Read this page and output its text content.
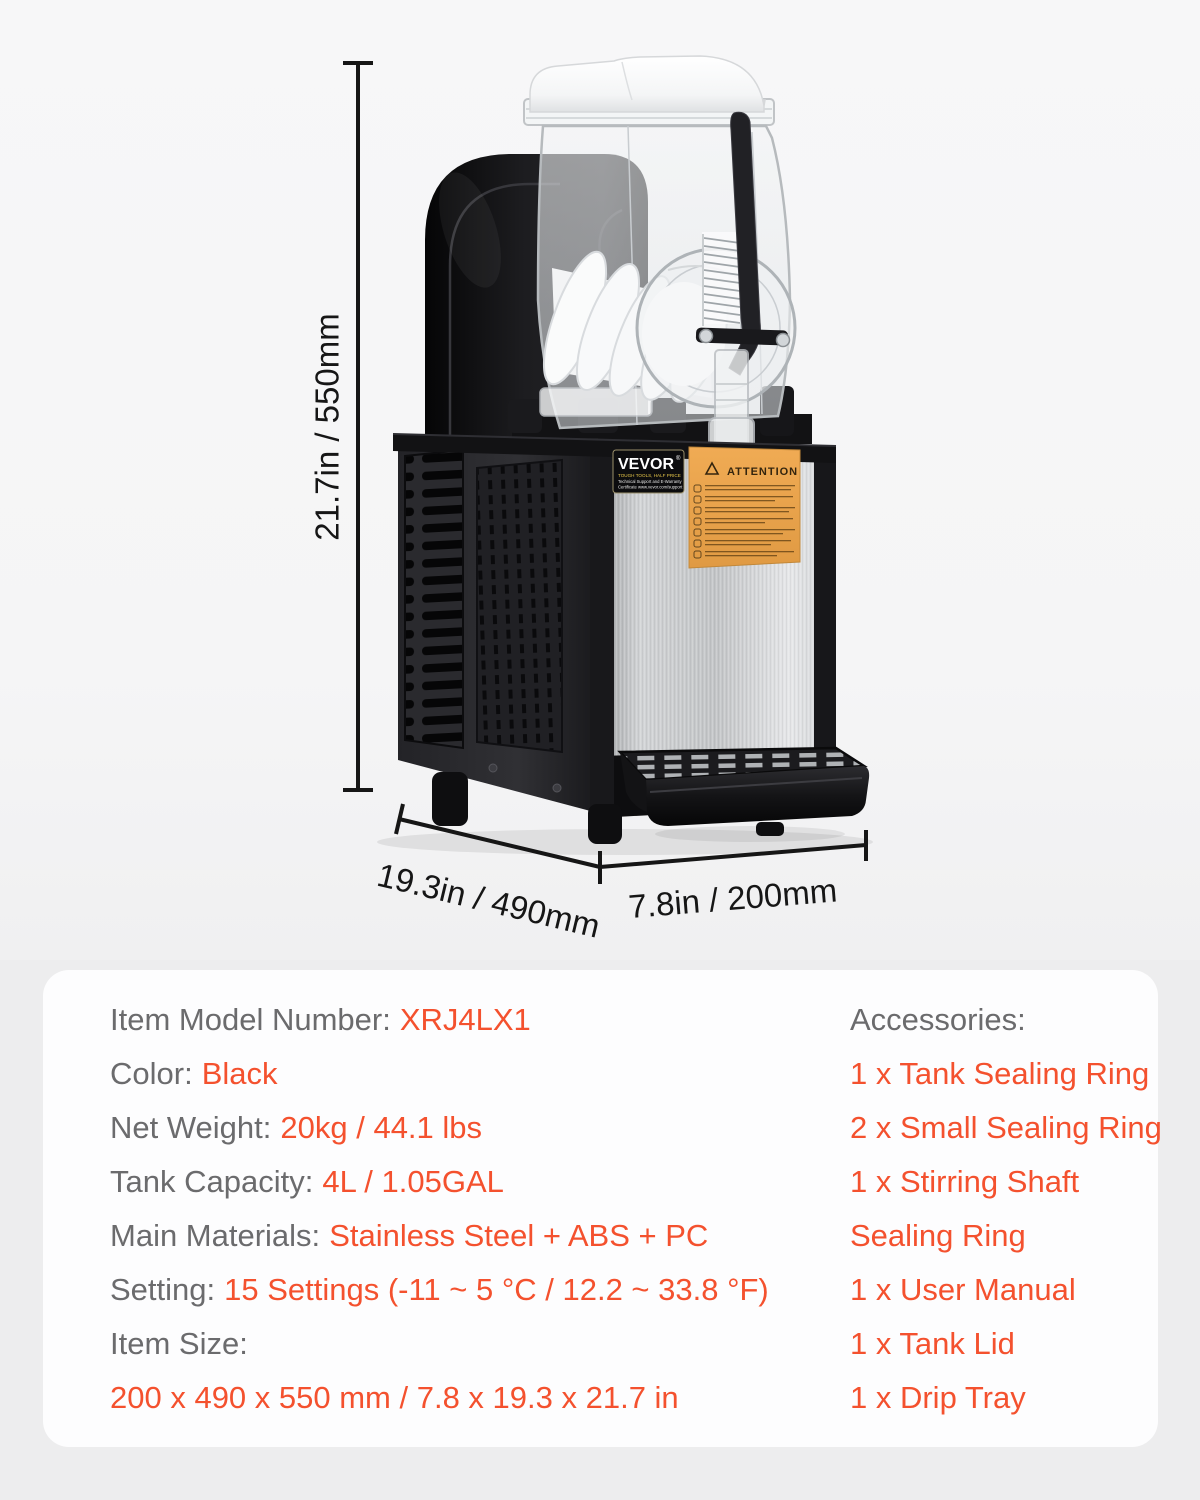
VEVOR ®
TOUGH TOOLS, HALF PRICE
Technical Support and E-Warranty
Certificate www.vevor.com/support
ATTENTION
21.7in / 550mm
19.3in / 490mm 7.8in / 200mm
Item Model Number: XRJ4LX1
Color: Black
Net Weight: 20kg / 44.1 lbs
Tank Capacity: 4L / 1.05GAL
Main Materials: Stainless Steel + ABS + PC
Setting: 15 Settings (-11 ~ 5 °C / 12.2 ~ 33.8 °F)
Item Size:
200 x 490 x 550 mm / 7.8 x 19.3 x 21.7 in
Accessories:
1 x Tank Sealing Ring
2 x Small Sealing Ring
1 x Stirring Shaft
Sealing Ring
1 x User Manual
1 x Tank Lid
1 x Drip Tray
